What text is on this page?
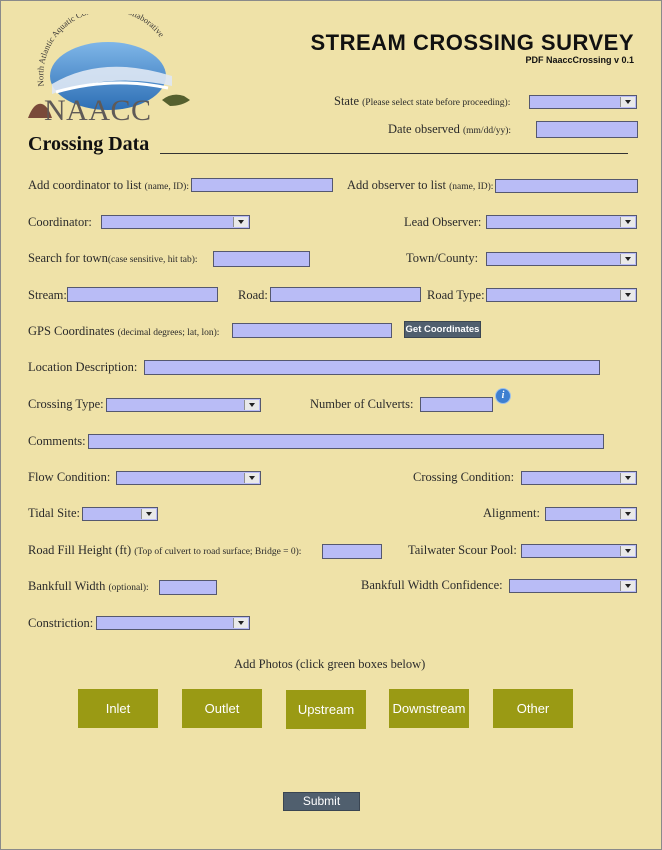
North Atlantic Aquatic C laborative
NAACC
STREAM CROSSING SURVEY
PDF NaaccCrossing v 0.1
State (Please select state before proceeding):
Date observed (mm/dd/yy):
Crossing Data
Add coordinator to list (name, ID):	Add observer to list (name, ID):
Coordinator:	Lead Observer:
Search for town(case sensitive, hit tab):	Town/County:
Stream:	Road:	Road Type:
GPS Coordinates (decimal degrees; lat, lon):	Get Coordinates
Location Description:
Crossing Type:	Number of Culverts:
i
Comments:
Flow Condition:	Crossing Condition:
Tidal Site:	Alignment:
Road Fill Height (ft) (Top of culvert to road surface; Bridge = 0):	Tailwater Scour Pool:
Bankfull Width (optional):	Bankfull Width Confidence:
Constriction:
Add Photos (click green boxes below)
Inlet	Outlet	Upstream	Downstream	Other
Submit
